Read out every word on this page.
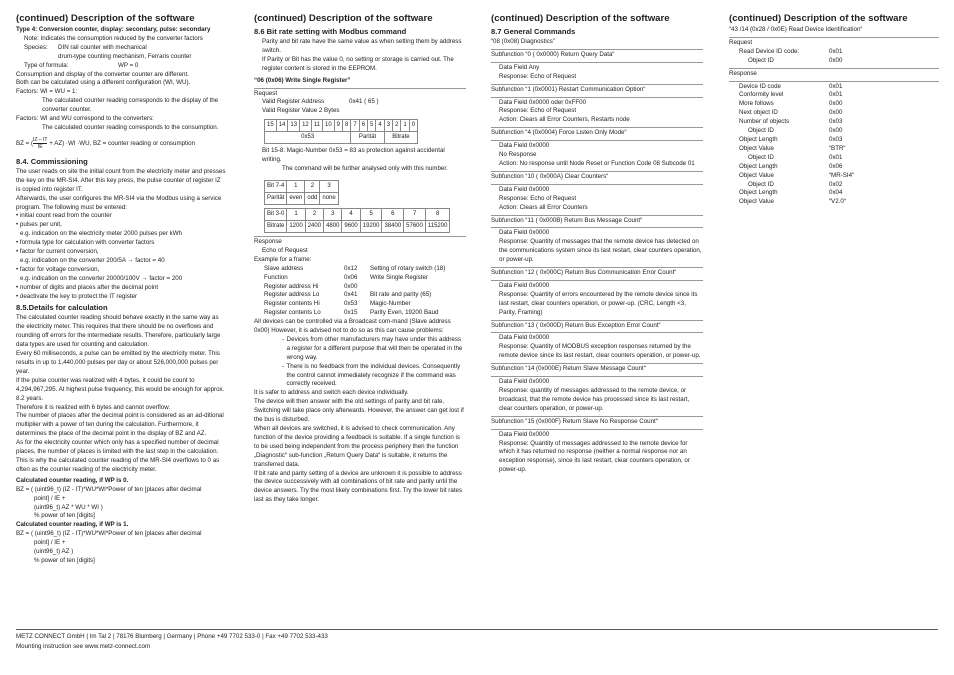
(continued) Description of the software

Type 4: Conversion counter, display: secondary, pulse: secondary

Note: Indicates the consumption reduced by the converter factors

Species:	DIN rail counter with mechanical

drum-type counting mechanism, Ferraris counter

Type of formula:	WP = 0

Consumption and display of the converter counter are different.

Both can be calculated using a different configuration (WI, WU).

Factors: WI = WU = 1:

The calculated counter reading corresponds to the display of the converter counter.

Factors: WI and WU correspond to the converters:

The calculated counter reading corresponds to the consumption.

BZ = ( $\frac{IZ - IT}{IE} + AZ) \cdot WI \cdot WU$, BZ = counter reading or consumption

8.4. Commissioning

The user reads on site the initial count from the electricity meter and presses the key on the MR-SI4. After this key press, the pulse counter of register IZ is copied into register IT.

Afterwards, the user configures the MR-SI4 via the Modbus using a service program. The following must be entered:

• initial count read from the counter

• pulses per unit,

e.g. indication on the electricity meter 2000 pulses per kWh

• formula type for calculation with converter factors

• factor for current conversion,

e.g. indication on the converter 200/5A → factor = 40

• factor for voltage conversion,

e.g. indication on the converter 20000/100V → factor = 200

• number of digits and places after the decimal point

• deactivate the key to protect the IT register

8.5.Details for calculation

The calculated counter reading should behave exactly in the same way as the electricity meter. This requires that there should be no overflows and rounding off errors for the intermediate results. Therefore, particularly large data types are used for counting and calculation.

Every 60 milliseconds, a pulse can be emitted by the electricity meter. This results in up to 1,440,000 pulses per day or about 526,000,000 pulses per year.

If the pulse counter was realized with 4 bytes, it could be count to 4,294,967,295. At highest pulse frequency, this would be enough for approx. 8.2 years.

Therefore it is realized with 6 bytes and cannot overflow.

The number of places after the decimal point is considered as an ad-ditional multiplier with a power of ten during the calculation. Furthermore, it determines the place of the decimal point in the display of BZ and AZ.

As for the electricity counter which only has a specified number of decimal places, the number of places is limited with the last step in the calculation. This is why the calculated counter reading of the MR-SI4 overflows to 0 as often as the counter reading of the electricity meter.

Calculated counter reading, if WP is 0.

BZ = ( (uint96_t) (IZ - IT)*WU*WI*Power of ten [places after decimal

point] / IE +

(uint96_t) AZ * WU * WI )

% power of ten [digits]

Calculated counter reading, if WP is 1.

BZ = ( (uint96_t) (IZ - IT)*WU*WI*Power of ten [places after decimal

point] / IE +

(uint96_t) AZ )

% power of ten [digits]

(continued) Description of the software
8.6 Bit rate setting with Modbus command

Parity and bit rate have the same value as when setting them by address switch.

If Parity or Bit has the value 0, no setting or storage is carried out. The register content is stored in the EEPROM.

“06 (0x06) Write Single Register”

Request

Valid Register Address	0x41 ( 65 )

Valid Register Value 2 Bytes

15	14	13	12	11	10	9	8	7	6	5	4	3	2	1	0
0x53								Parität				Bitrate			

Bit 15-8: Magic-Number 0x53 = 83 as protection against accidental writing.

The command will be further analysed only with this number.

Bit 7-4	1	2	3
Parität	even	odd	none
Bit 3-0	1	2	3	4	5	6	7	8
Bitrate	1200	2400	4800	9600	19200	38400	57600	115200

Response

Echo of Request

Example for a frame:

Slave address	0x12	Setting of rotary switch (18)
Function	0x06	Write Single Register
Register address Hi	0x00
Register address Lo	0x41	Bit rate and parity (65)
Register contents Hi	0x53	Magic-Number
Register contents Lo	0x15	Parity Even, 19200 Baud

All devices can be controlled via a Broadcast com-mand (Slave address 0x00) However, it is advised not to do so as this can cause problems:

- Devices from other manufacturers may have under this address a register for a different purpose that will then be operated in the wrong way.
- There is no feedback from the individual devices. Consequently the control cannot immediately recognize if the command was correctly received.

It is safer to address and switch each device individually.

The device will then answer with the old settings of parity and bit rate. Switching will take place only afterwards. However, the answer can get lost if the bus is disturbed.

When all devices are switched, it is advised to check communication. Any function of the device providing a feedback is suitable. If a single function is to be used being independent from the process periphery then the function „Diagnostic“ sub-function „Return Query Data“ is suitable, it returns the transferred data.

If bit rate and parity setting of a device are unknown it is possible to address the device successively with all combinations of bit rate and parity until the device answers. Try the most likely combinations first. Try the lower bit rates last as they take longer.

(continued) Description of the software
8.7 General Commands

“08 (0x08) Diagnostics”

Subfunction “0 ( 0x0000) Return Query Data“

Data Field Any

Response: Echo of Request

Subfunction “1 (0x0001) Restart Communication Option“

Data Field 0x0000 oder 0xFF00

Response: Echo of Request

Action: Clears all Error Counters, Restarts node

Subfunction “4 (0x0004) Force Listen Only Mode“

Data Field 0x0000

No Response

Action: No response until Node Reset or Function Code 08 Subcode 01

Subfunction “10 ( 0x000A) Clear Counters“

Data Field 0x0000

Response: Echo of Request

Action: Clears all Error Counters

Subfunction “11 ( 0x000B) Return Bus Message Count“

Data Field 0x0000

Response: Quantity of messages that the remote device has detected on the communications system since its last restart, clear counters operation, or power-up.

Subfunction “12 ( 0x000C) Return Bus Communication Error Count“

Data Field 0x0000

Response: Quantity of errors encountered by the remote device since its last restart, clear counters operation, or power-up. (CRC, Length <3, Parity, Framing)

Subfunction “13 ( 0x000D) Return Bus Exception Error Count“

Data Field 0x0000

Response: Quantity of MODBUS exception responses returned by the remote device since its last restart, clear counters operation, or power-up.

Subfunction “14 (0x000E) Return Slave Message Count“

Data Field 0x0000

Response: quantity of messages addressed to the remote device, or broadcast, that the remote device has processed since its last restart, clear counters operation, or power-up.

Subfunction “15 (0x000F) Return Slave No Response Count“

Data Field 0x0000

Response: Quantity of messages addressed to the remote device for which it has returned no response (neither a normal response nor an exception response), since its last restart, clear counters operation, or power-up.

(continued) Description of the software

“43 /14 (0x28 / 0x0E) Read Device Identification“

Request

Read Device ID code:	0x01
Object ID	0x00

Response

Device ID code	0x01
Conformity level	0x01
More follows	0x00
Next object ID	0x00
Number of objects	0x03
Object ID	0x00
Object Length	0x03
Object Value	“BTR“
Object ID	0x01
Object Length	0x06
Object Value	“MR-SI4“
Object ID	0x02
Object Length	0x04
Object Value	“V2.0“
METZ CONNECT GmbH | Im Tal 2 | 78176 Blumberg | Germany | Phone +49 7702 533-0 | Fax +49 7702 533-433
Mounting instruction see www.metz-connect.com
